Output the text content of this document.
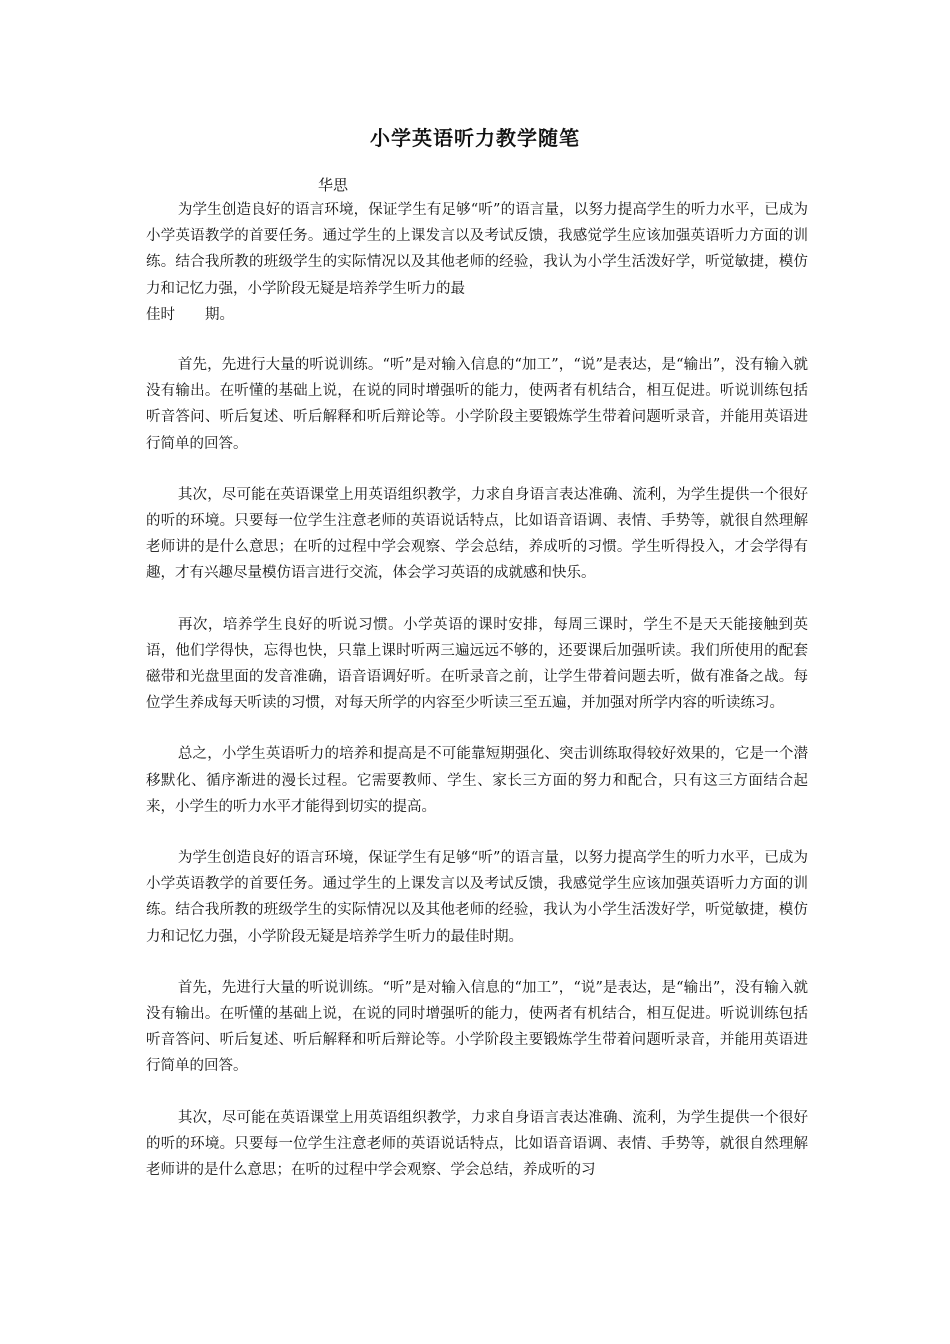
小学英语听力教学随笔
华思

为学生创造良好的语言环境，保证学生有足够“听”的语言量，以努力提高学生的听力水平，已成为小学英语教学的首要任务。通过学生的上课发言以及考试反馈，我感觉学生应该加强英语听力方面的训练。结合我所教的班级学生的实际情况以及其他老师的经验，我认为小学生活泼好学，听觉敏捷，模仿力和记忆力强，小学阶段无疑是培养学生听力的最
佳时 期。

首先，先进行大量的听说训练。“听”是对输入信息的“加工”，“说”是表达，是“输出”，没有输入就没有输出。在听懂的基础上说，在说的同时增强听的能力，使两者有机结合，相互促进。听说训练包括听音答问、听后复述、听后解释和听后辩论等。小学阶段主要锻炼学生带着问题听录音，并能用英语进行简单的回答。

其次，尽可能在英语课堂上用英语组织教学，力求自身语言表达准确、流利，为学生提供一个很好的听的环境。只要每一位学生注意老师的英语说话特点，比如语音语调、表情、手势等，就很自然理解老师讲的是什么意思；在听的过程中学会观察、学会总结，养成听的习惯。学生听得投入，才会学得有趣，才有兴趣尽量模仿语言进行交流，体会学习英语的成就感和快乐。

再次，培养学生良好的听说习惯。小学英语的课时安排，每周三课时，学生不是天天能接触到英语，他们学得快，忘得也快，只靠上课时听两三遍远远不够的，还要课后加强听读。我们所使用的配套磁带和光盘里面的发音准确，语音语调好听。在听录音之前，让学生带着问题去听，做有准备之战。每位学生养成每天听读的习惯，对每天所学的内容至少听读三至五遍，并加强对所学内容的听读练习。

总之，小学生英语听力的培养和提高是不可能靠短期强化、突击训练取得较好效果的，它是一个潜移默化、循序渐进的漫长过程。它需要教师、学生、家长三方面的努力和配合，只有这三方面结合起来，小学生的听力水平才能得到切实的提高。

为学生创造良好的语言环境，保证学生有足够“听”的语言量，以努力提高学生的听力水平，已成为小学英语教学的首要任务。通过学生的上课发言以及考试反馈，我感觉学生应该加强英语听力方面的训练。结合我所教的班级学生的实际情况以及其他老师的经验，我认为小学生活泼好学，听觉敏捷，模仿力和记忆力强，小学阶段无疑是培养学生听力的最佳时期。

首先，先进行大量的听说训练。“听”是对输入信息的“加工”，“说”是表达，是“输出”，没有输入就没有输出。在听懂的基础上说，在说的同时增强听的能力，使两者有机结合，相互促进。听说训练包括听音答问、听后复述、听后解释和听后辩论等。小学阶段主要锻炼学生带着问题听录音，并能用英语进行简单的回答。

其次，尽可能在英语课堂上用英语组织教学，力求自身语言表达准确、流利，为学生提供一个很好的听的环境。只要每一位学生注意老师的英语说话特点，比如语音语调、表情、手势等，就很自然理解老师讲的是什么意思；在听的过程中学会观察、学会总结，养成听的习
